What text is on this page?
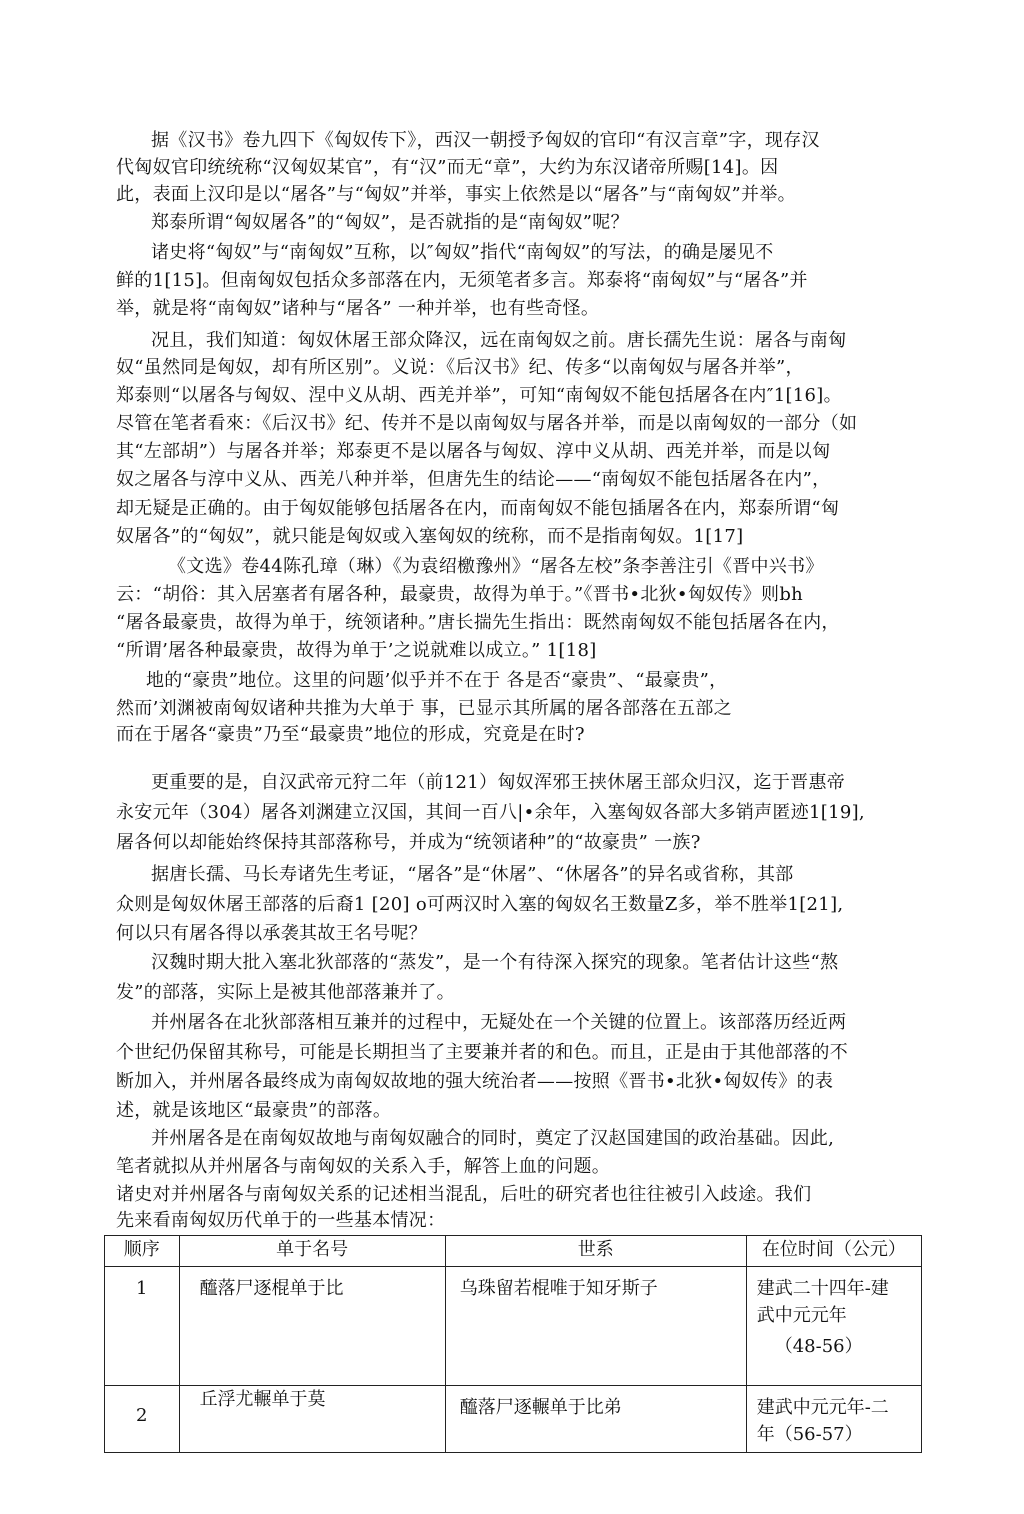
据《汉书》卷九四下《匈奴传下》，西汉一朝授予匈奴的官印“有汉言章”字，现存汉
代匈奴官印统统称“汉匈奴某官”，有“汉”而无“章”，大约为东汉诸帝所赐[14]。因
此，表面上汉印是以“屠各”与“匈奴”并举，事实上依然是以“屠各”与“南匈奴”并举。
郑泰所谓“匈奴屠各”的“匈奴”，是否就指的是“南匈奴”呢？
诸史将“匈奴”与“南匈奴”互称，以″匈奴”指代“南匈奴”的写法，的确是屡见不
鲜的1[15]。但南匈奴包括众多部落在内，无须笔者多言。郑泰将“南匈奴”与“屠各”并
举，就是将“南匈奴”诸种与“屠各” 一种并举，也有些奇怪。
况且，我们知道：匈奴休屠王部众降汉，远在南匈奴之前。唐长孺先生说：屠各与南匈
奴“虽然同是匈奴，却有所区别”。义说：《后汉书》纪、传多“以南匈奴与屠各并举”，
郑泰则“以屠各与匈奴、涅中义从胡、西羌并举”，可知“南匈奴不能包括屠各在内″1[16]。
尽管在笔者看來：《后汉书》纪、传并不是以南匈奴与屠各并举，而是以南匈奴的一部分（如
其“左部胡”）与屠各并举；郑泰更不是以屠各与匈奴、淳中义从胡、西羌并举，而是以匈
奴之屠各与淳中义从、西羌八种并举，但唐先生的结论——“南匈奴不能包括屠各在内”，
却无疑是正确的。由于匈奴能够包括屠各在内，而南匈奴不能包插屠各在内，郑泰所谓“匈
奴屠各”的“匈奴”，就只能是匈奴或入塞匈奴的统称，而不是指南匈奴。1[17]
《文选》卷44陈孔璋（琳）《为袁绍檄豫州》“屠各左校”条李善注引《晋中兴书》
云：“胡俗：其入居塞者有屠各种，最豪贵，故得为单于。”《晋书•北狄•匈奴传》则bh
“屠各最豪贵，故得为单于，统领诸种。”唐长揣先生指出：既然南匈奴不能包括屠各在内，
“所谓’屠各种最豪贵，故得为单于’之说就难以成立。” 1[18]
地的“豪贵”地位。这里的问题’似乎并不在于 各是否“豪贵”、“最豪贵”，
然而’刘渊被南匈奴诸种共推为大单于 事，已显示其所属的屠各部落在五部之
而在于屠各“豪贵”乃至“最豪贵”地位的形成，究竟是在时?
更重要的是，自汉武帝元狩二年（前121）匈奴浑邪王挟休屠王部众归汉，迄于晋惠帝
永安元年（304）屠各刘渊建立汉国，其间一百八|•余年，入塞匈奴各部大多销声匿迹1[19],
屠各何以却能始终保持其部落称号，并成为“统领诸种”的“故豪贵” 一族?
据唐长孺、马长寿诸先生考证，“屠各”是“休屠”、“休屠各”的异名或省称，其部
众则是匈奴休屠王部落的后裔1 [20] o可两汉时入塞的匈奴名王数量Z多，举不胜举1[21],
何以只有屠各得以承袭其故王名号呢？
汉魏时期大批入塞北狄部落的“蒸发”，是一个有待深入探究的现象。笔者估计这些“熬
发”的部落，实际上是被其他部落兼并了。
并州屠各在北狄部落相互兼并的过程中，无疑处在一个关键的位置上。该部落历经近两
个世纪仍保留其称号，可能是长期担当了主要兼并者的和色。而且，正是由于其他部落的不
断加入，并州屠各最终成为南匈奴故地的强大统治者——按照《晋书•北狄•匈奴传》的表
述，就是该地区“最豪贵”的部落。
并州屠各是在南匈奴故地与南匈奴融合的同时，奠定了汉赵国建国的政治基础。因此,
笔者就拟从并州屠各与南匈奴的关系入手，解答上血的问题。
诸史对并州屠各与南匈奴关系的记述相当混乱，后吐的研究者也往往被引入歧途。我们
先来看南匈奴历代单于的一些基本情况：
顺序	单于名号	世系	在位时间（公元）

1	醯落尸逐棍单于比	乌珠留若棍唯于知牙斯子	建武二十四年-建
武中元元年
（48-56）

2	丘浮尤輾单于莫	醯落尸逐輾单于比弟	建武中元元年-二
年（56-57）
